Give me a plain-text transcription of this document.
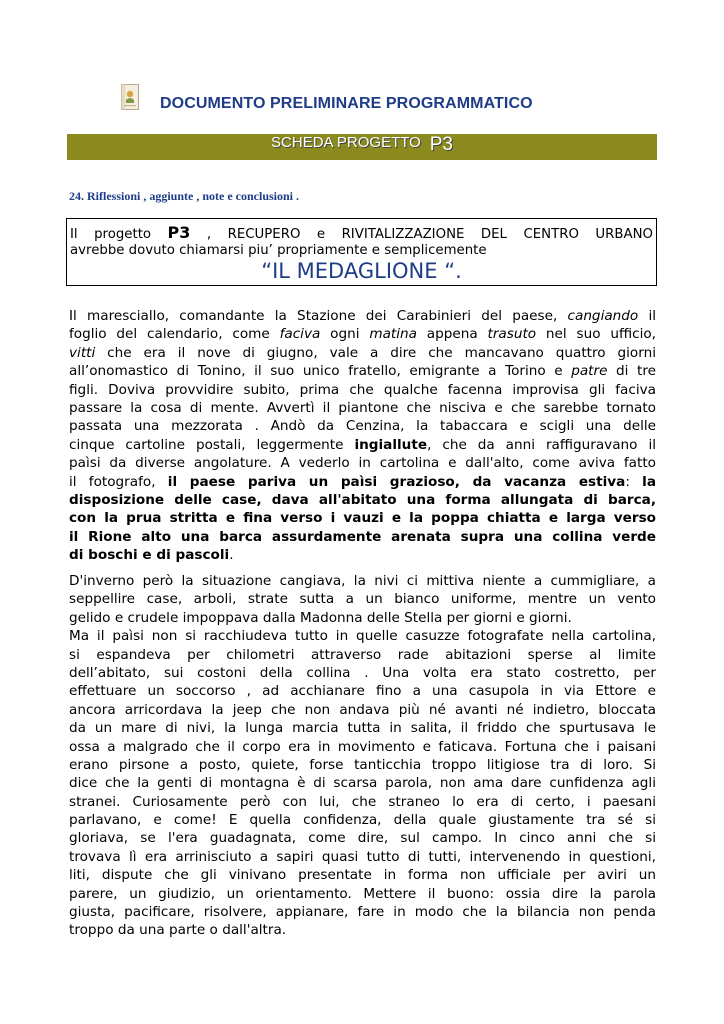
DOCUMENTO PRELIMINARE PROGRAMMATICO
SCHEDA PROGETTO P3
24. Riflessioni , aggiunte , note e conclusioni .
Il progetto P3 , RECUPERO e RIVITALIZZAZIONE DEL CENTRO URBANO
avrebbe dovuto chiamarsi piu’ propriamente e semplicemente
“IL MEDAGLIONE “.
Il maresciallo, comandante la Stazione dei Carabinieri del paese, cangiando il
foglio del calendario, come faciva ogni matina appena trasuto nel suo ufficio,
vitti che era il nove di giugno, vale a dire che mancavano quattro giorni
all’onomastico di Tonino, il suo unico fratello, emigrante a Torino e patre di tre
figli. Doviva provvidire subito, prima che qualche facenna improvisa gli faciva
passare la cosa di mente. Avvertì il piantone che nisciva e che sarebbe tornato
passata una mezzorata . Andò da Cenzina, la tabaccara e scigli una delle
cinque cartoline postali, leggermente ingiallute, che da anni raffiguravano il
paìsi da diverse angolature. A vederlo in cartolina e dall'alto, come aviva fatto
il fotografo, il paese pariva un paìsi grazioso, da vacanza estiva: la
disposizione delle case, dava all'abitato una forma allungata di barca,
con la prua stritta e fina verso i vauzi e la poppa chiatta e larga verso
il Rione alto una barca assurdamente arenata supra una collina verde
di boschi e di pascoli.
D'inverno però la situazione cangiava, la nivi ci mittiva niente a cummigliare, a
seppellire case, arboli, strate sutta a un bianco uniforme, mentre un vento
gelido e crudele impoppava dalla Madonna delle Stella per giorni e giorni.
Ma il paìsi non si racchiudeva tutto in quelle casuzze fotografate nella cartolina,
si espandeva per chilometri attraverso rade abitazioni sperse al limite
dell’abitato, sui costoni della collina . Una volta era stato costretto, per
effettuare un soccorso , ad acchianare fino a una casupola in via Ettore e
ancora arricordava la jeep che non andava più né avanti né indietro, bloccata
da un mare di nivi, la lunga marcia tutta in salita, il friddo che spurtusava le
ossa a malgrado che il corpo era in movimento e faticava. Fortuna che i paisani
erano pirsone a posto, quiete, forse tanticchia troppo litigiose tra di loro. Si
dice che la genti di montagna è di scarsa parola, non ama dare cunfidenza agli
stranei. Curiosamente però con lui, che straneo lo era di certo, i paesani
parlavano, e come! E quella confidenza, della quale giustamente tra sé si
gloriava, se l'era guadagnata, come dire, sul campo. In cinco anni che si
trovava lì era arrinisciuto a sapiri quasi tutto di tutti, intervenendo in questioni,
liti, dispute che gli vinivano presentate in forma non ufficiale per aviri un
parere, un giudizio, un orientamento. Mettere il buono: ossia dire la parola
giusta, pacificare, risolvere, appianare, fare in modo che la bilancia non penda
troppo da una parte o dall'altra.
